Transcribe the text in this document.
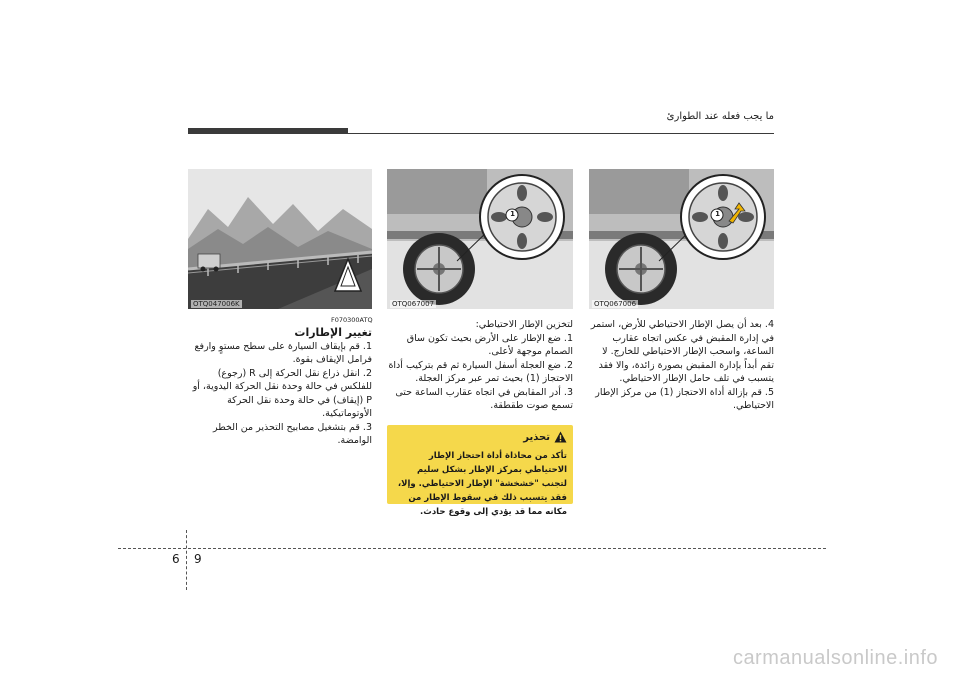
ما يجب فعله عند الطوارئ
OTQ047006K
1
OTQ067007
1
OTQ067006
F070300ATQ

تغيير الإطارات

1. قم بإيقاف السيارة على سطح مستوٍ وارفع فرامل الإيقاف بقوة.

2. انقل ذراع نقل الحركة إلى R (رجوع) للفلكس في حالة وحدة نقل الحركة اليدوية، أو P (إيقاف) في حالة وحدة نقل الحركة الأوتوماتيكية.

3. قم بتشغيل مصابيح التحذير من الخطر الوامضة.

لتخزين الإطار الاحتياطي:

1. ضع الإطار على الأرض بحيث تكون ساق الصمام موجهة لأعلى.

2. ضع العجلة أسفل السيارة ثم قم بتركيب أداة الاحتجاز (1) بحيث تمر عبر مركز العجلة.

3. أدر المقابض في اتجاه عقارب الساعة حتى تسمع صوت طقطقة.

تحذير
تأكد من محاذاة أداة احتجاز الإطار الاحتياطي بمركز الإطار بشكل سليم لتجنب "خشخشة" الإطار الاحتياطي. وإلا، فقد يتسبب ذلك في سقوط الإطار من مكانه مما قد يؤدي إلى وقوع حادث.

4. بعد أن يصل الإطار الاحتياطي للأرض، استمر في إدارة المقبض في عكس اتجاه عقارب الساعة، واسحب الإطار الاحتياطي للخارج. لا تقم أبداً بإدارة المقبض بصورة زائدة، والا فقد يتسبب في تلف حامل الإطار الاحتياطي.

5. قم بإزالة أداة الاحتجاز (1) من مركز الإطار الاحتياطي.

6 9
carmanualsonline.info
